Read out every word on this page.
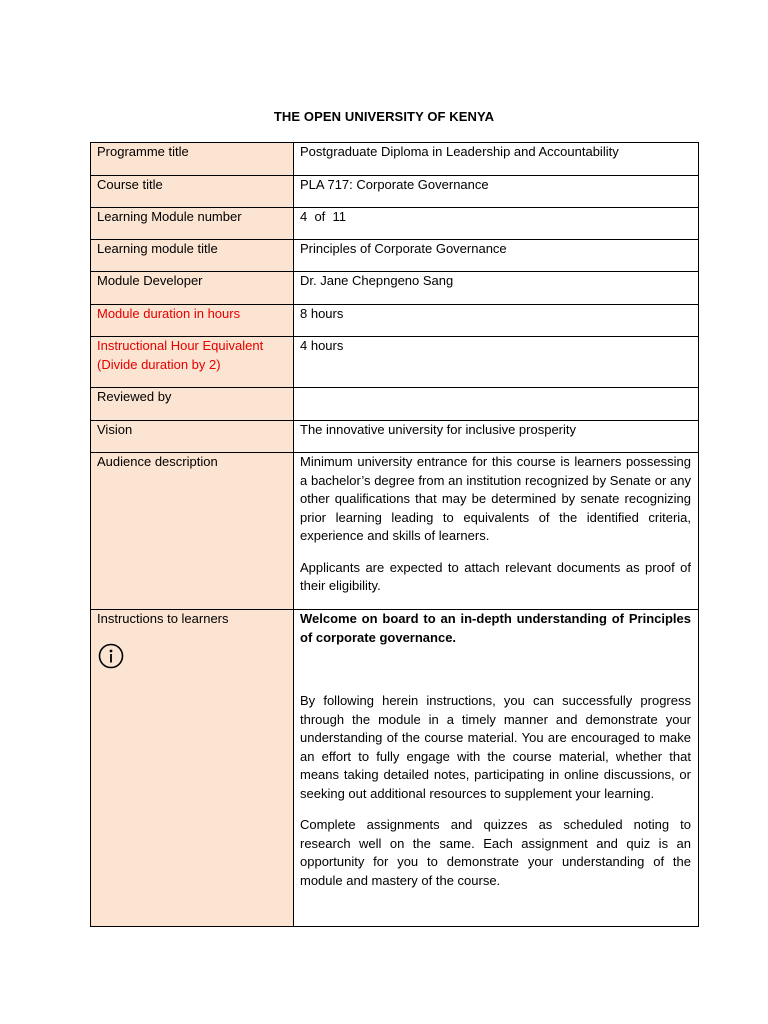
THE OPEN UNIVERSITY OF KENYA
Programme title	Postgraduate Diploma in Leadership and Accountability
Course title	PLA 717: Corporate Governance
Learning Module number	4  of  11
Learning module title	Principles of Corporate Governance
Module Developer	Dr. Jane Chepngeno Sang
Module duration in hours	8 hours

Instructional Hour Equivalent
(Divide duration by 2)	4 hours
Reviewed by	
Vision	The innovative university for inclusive prosperity
Audience description	Minimum university entrance for this course is learners possessing a bachelor’s degree from an institution recognized by Senate or any other qualifications that may be determined by senate recognizing prior learning leading to equivalents of the identified criteria, experience and skills of learners.

Applicants are expected to attach relevant documents as proof of their eligibility.

Instructions to learners	Welcome on board to an in-depth understanding of Principles of corporate governance.

By following herein instructions, you can successfully progress through the module in a timely manner and demonstrate your understanding of the course material. You are encouraged to make an effort to fully engage with the course material, whether that means taking detailed notes, participating in online discussions, or seeking out additional resources to supplement your learning.

Complete assignments and quizzes as scheduled noting to research well on the same. Each assignment and quiz is an opportunity for you to demonstrate your understanding of the module and mastery of the course.
